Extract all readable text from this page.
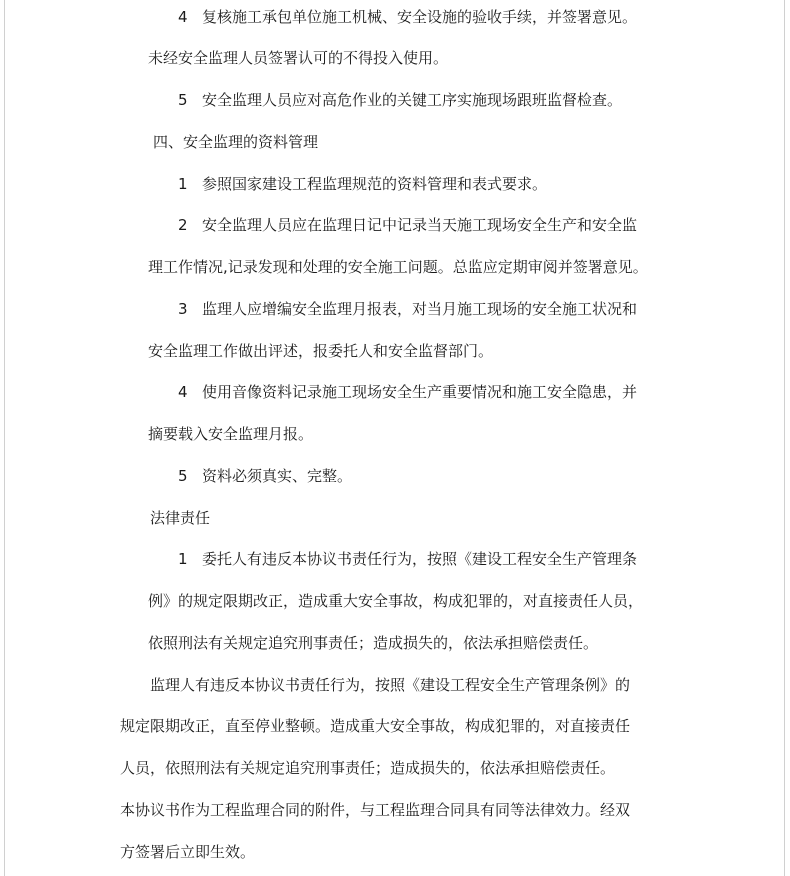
4 复核施工承包单位施工机械、安全设施的验收手续，并签署意见。
未经安全监理人员签署认可的不得投入使用。
5 安全监理人员应对高危作业的关键工序实施现场跟班监督检查。
四、安全监理的资料管理
1 参照国家建设工程监理规范的资料管理和表式要求。
2 安全监理人员应在监理日记中记录当天施工现场安全生产和安全监
理工作情况,记录发现和处理的安全施工问题。总监应定期审阅并签署意见。
3 监理人应增编安全监理月报表，对当月施工现场的安全施工状况和
安全监理工作做出评述，报委托人和安全监督部门。
4 使用音像资料记录施工现场安全生产重要情况和施工安全隐患，并
摘要载入安全监理月报。
5 资料必须真实、完整。
法律责任
1 委托人有违反本协议书责任行为，按照《建设工程安全生产管理条
例》的规定限期改正，造成重大安全事故，构成犯罪的，对直接责任人员，
依照刑法有关规定追究刑事责任；造成损失的，依法承担赔偿责任。
监理人有违反本协议书责任行为，按照《建设工程安全生产管理条例》的
规定限期改正，直至停业整顿。造成重大安全事故，构成犯罪的，对直接责任
人员，依照刑法有关规定追究刑事责任；造成损失的，依法承担赔偿责任。
本协议书作为工程监理合同的附件，与工程监理合同具有同等法律效力。经双
方签署后立即生效。
